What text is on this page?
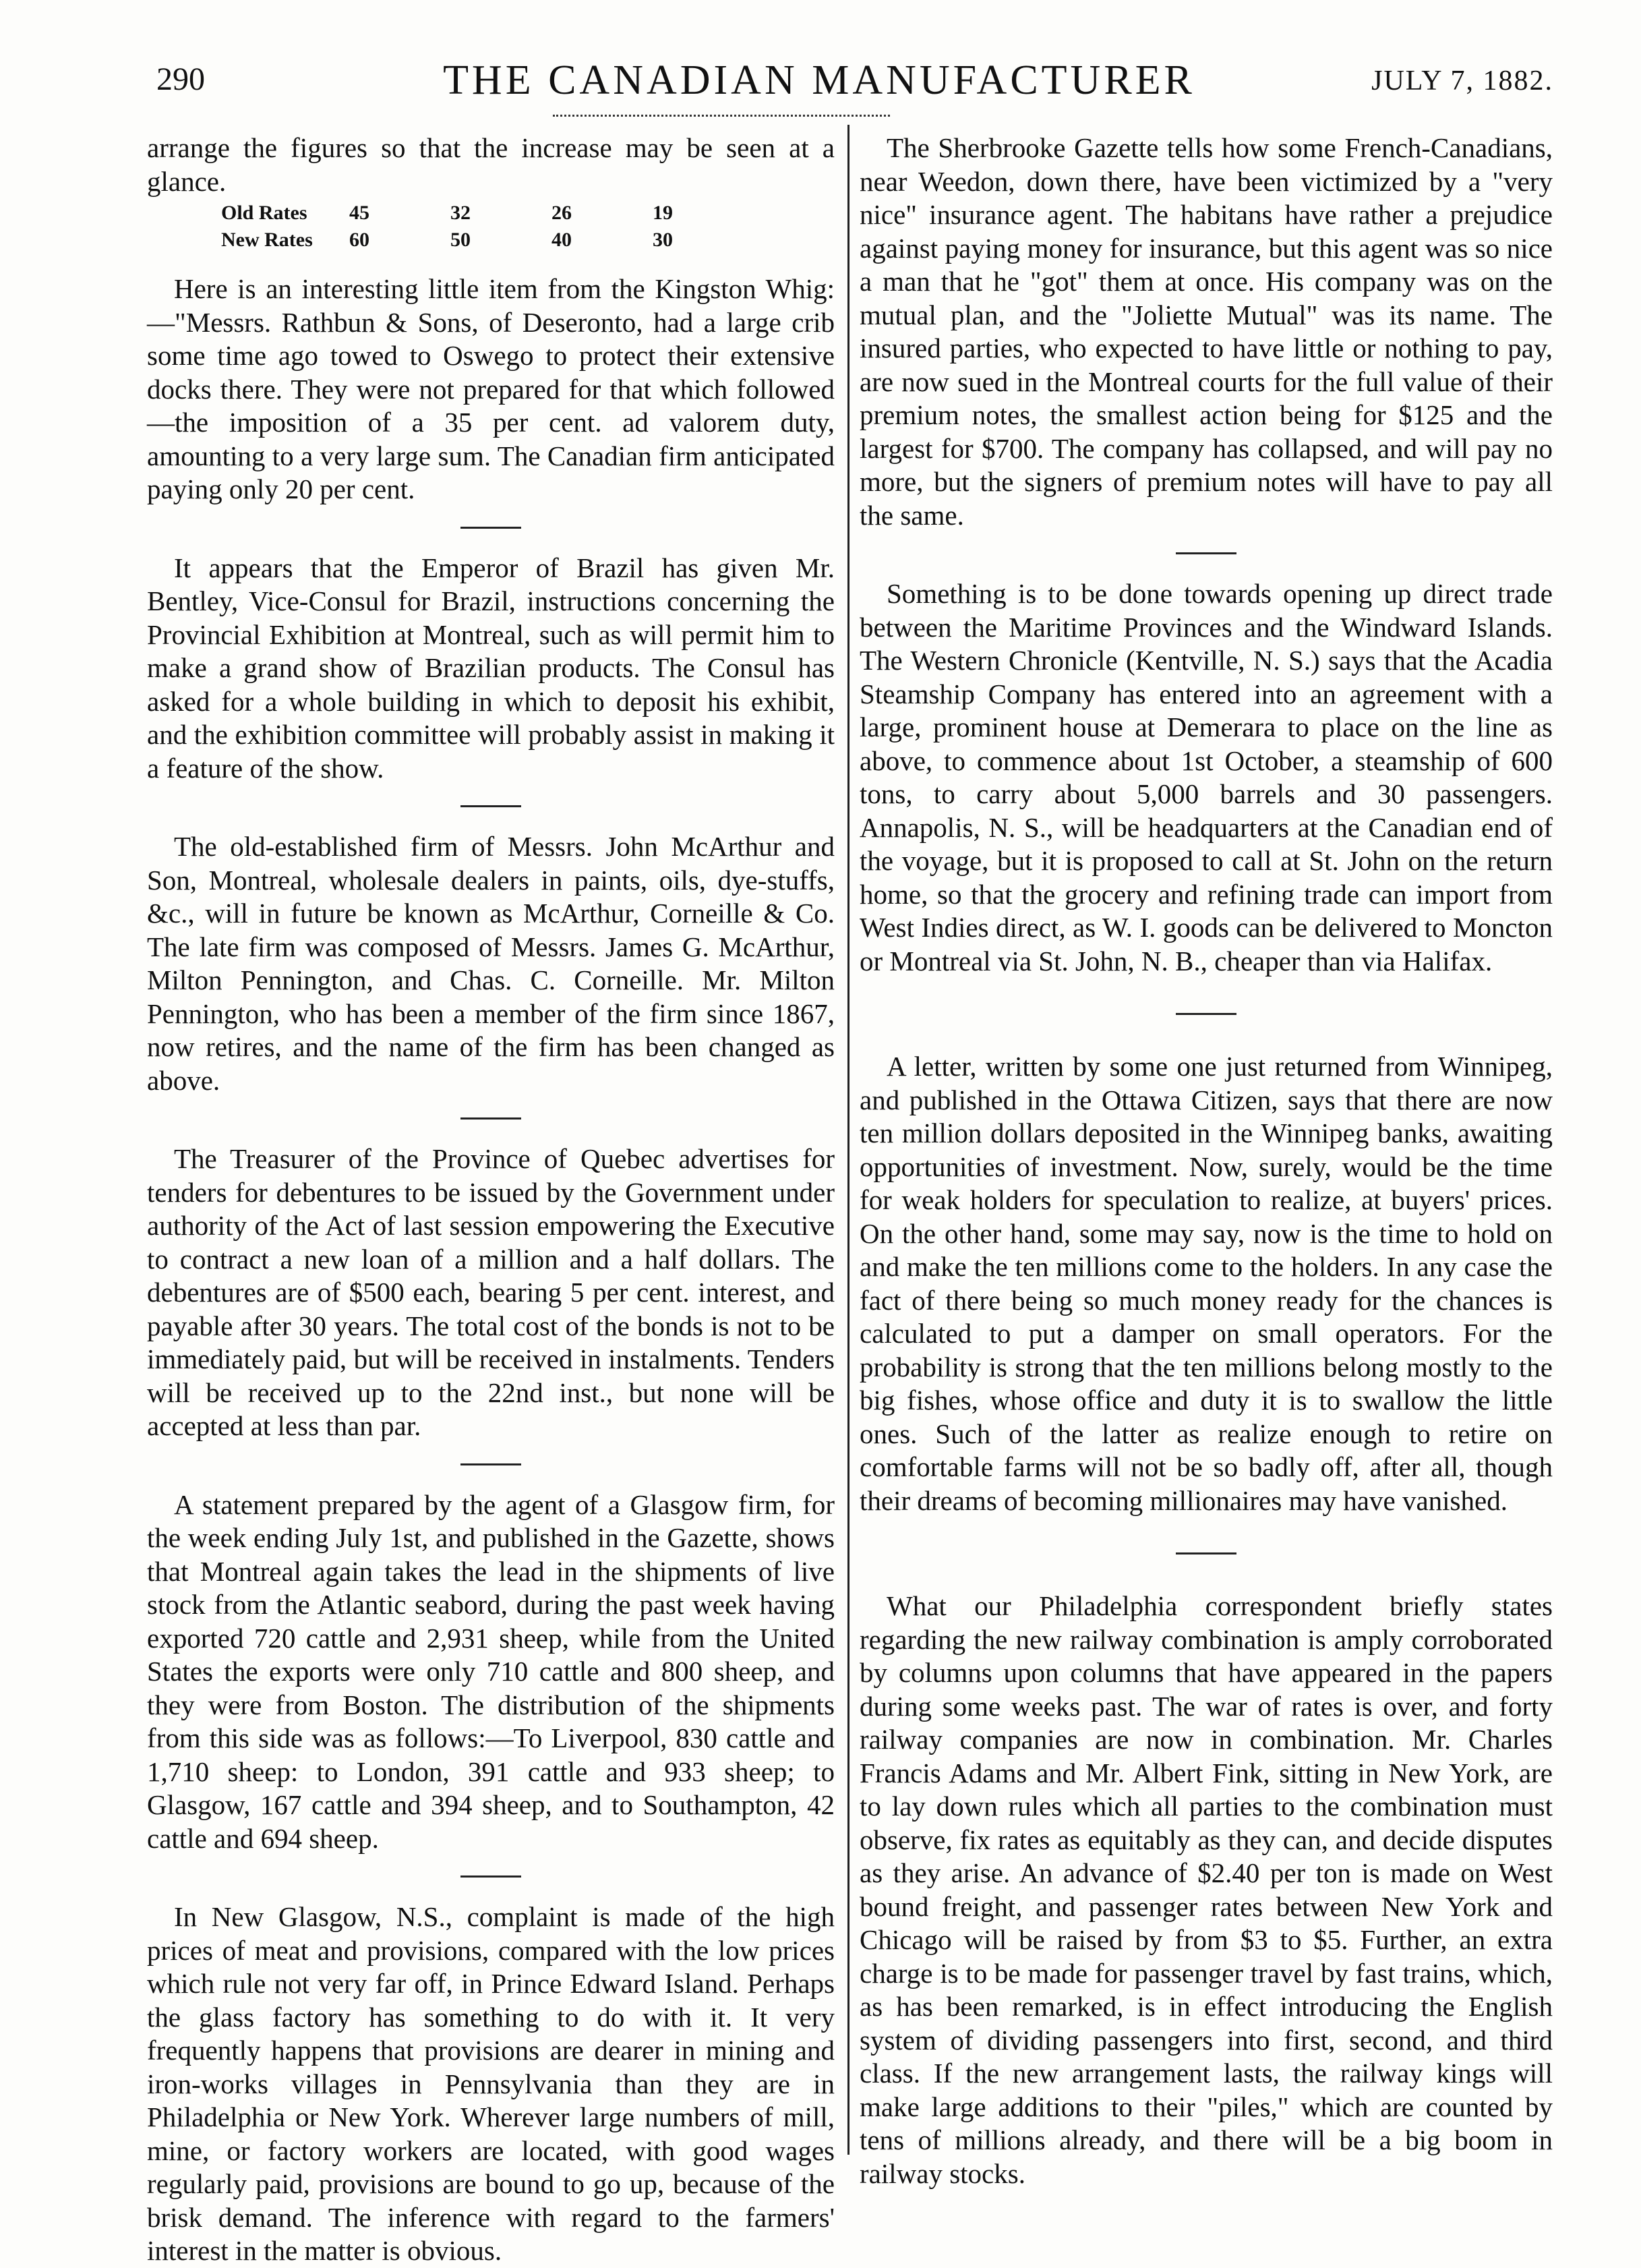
290	THE CANADIAN MANUFACTURER	JULY 7, 1882.

arrange the figures so that the increase may be seen at a glance.

Old Rates	45	32	26	19
New Rates	60	50	40	30

Here is an interesting little item from the Kingston Whig:—"Messrs. Rathbun & Sons, of Deseronto, had a large crib some time ago towed to Oswego to protect their extensive docks there. They were not prepared for that which followed—the imposition of a 35 per cent. ad valorem duty, amounting to a very large sum. The Canadian firm anticipated paying only 20 per cent.

It appears that the Emperor of Brazil has given Mr. Bentley, Vice-Consul for Brazil, instructions concerning the Provincial Exhibition at Montreal, such as will permit him to make a grand show of Brazilian products. The Consul has asked for a whole building in which to deposit his exhibit, and the exhibition committee will probably assist in making it a feature of the show.

The old-established firm of Messrs. John McArthur and Son, Montreal, wholesale dealers in paints, oils, dye-stuffs, &c., will in future be known as McArthur, Corneille & Co. The late firm was composed of Messrs. James G. McArthur, Milton Pennington, and Chas. C. Corneille. Mr. Milton Pennington, who has been a member of the firm since 1867, now retires, and the name of the firm has been changed as above.

The Treasurer of the Province of Quebec advertises for tenders for debentures to be issued by the Government under authority of the Act of last session empowering the Executive to contract a new loan of a million and a half dollars. The debentures are of $500 each, bearing 5 per cent. interest, and payable after 30 years. The total cost of the bonds is not to be immediately paid, but will be received in instalments. Tenders will be received up to the 22nd inst., but none will be accepted at less than par.

A statement prepared by the agent of a Glasgow firm, for the week ending July 1st, and published in the Gazette, shows that Montreal again takes the lead in the shipments of live stock from the Atlantic seabord, during the past week having exported 720 cattle and 2,931 sheep, while from the United States the exports were only 710 cattle and 800 sheep, and they were from Boston. The distribution of the shipments from this side was as follows:—To Liverpool, 830 cattle and 1,710 sheep: to London, 391 cattle and 933 sheep; to Glasgow, 167 cattle and 394 sheep, and to Southampton, 42 cattle and 694 sheep.

In New Glasgow, N.S., complaint is made of the high prices of meat and provisions, compared with the low prices which rule not very far off, in Prince Edward Island. Perhaps the glass factory has something to do with it. It very frequently happens that provisions are dearer in mining and iron-works villages in Pennsylvania than they are in Philadelphia or New York. Wherever large numbers of mill, mine, or factory workers are located, with good wages regularly paid, provisions are bound to go up, because of the brisk demand. The inference with regard to the farmers' interest in the matter is obvious.

The Sherbrooke Gazette tells how some French-Canadians, near Weedon, down there, have been victimized by a "very nice" insurance agent. The habitans have rather a prejudice against paying money for insurance, but this agent was so nice a man that he "got" them at once. His company was on the mutual plan, and the "Joliette Mutual" was its name. The insured parties, who expected to have little or nothing to pay, are now sued in the Montreal courts for the full value of their premium notes, the smallest action being for $125 and the largest for $700. The company has collapsed, and will pay no more, but the signers of premium notes will have to pay all the same.

Something is to be done towards opening up direct trade between the Maritime Provinces and the Windward Islands. The Western Chronicle (Kentville, N. S.) says that the Acadia Steamship Company has entered into an agreement with a large, prominent house at Demerara to place on the line as above, to commence about 1st October, a steamship of 600 tons, to carry about 5,000 barrels and 30 passengers. Annapolis, N. S., will be headquarters at the Canadian end of the voyage, but it is proposed to call at St. John on the return home, so that the grocery and refining trade can import from West Indies direct, as W. I. goods can be delivered to Moncton or Montreal via St. John, N. B., cheaper than via Halifax.

A letter, written by some one just returned from Winnipeg, and published in the Ottawa Citizen, says that there are now ten million dollars deposited in the Winnipeg banks, awaiting opportunities of investment. Now, surely, would be the time for weak holders for speculation to realize, at buyers' prices. On the other hand, some may say, now is the time to hold on and make the ten millions come to the holders. In any case the fact of there being so much money ready for the chances is calculated to put a damper on small operators. For the probability is strong that the ten millions belong mostly to the big fishes, whose office and duty it is to swallow the little ones. Such of the latter as realize enough to retire on comfortable farms will not be so badly off, after all, though their dreams of becoming millionaires may have vanished.

What our Philadelphia correspondent briefly states regarding the new railway combination is amply corroborated by columns upon columns that have appeared in the papers during some weeks past. The war of rates is over, and forty railway companies are now in combination. Mr. Charles Francis Adams and Mr. Albert Fink, sitting in New York, are to lay down rules which all parties to the combination must observe, fix rates as equitably as they can, and decide disputes as they arise. An advance of $2.40 per ton is made on West bound freight, and passenger rates between New York and Chicago will be raised by from $3 to $5. Further, an extra charge is to be made for passenger travel by fast trains, which, as has been remarked, is in effect introducing the English system of dividing passengers into first, second, and third class. If the new arrangement lasts, the railway kings will make large additions to their "piles," which are counted by tens of millions already, and there will be a big boom in railway stocks.
